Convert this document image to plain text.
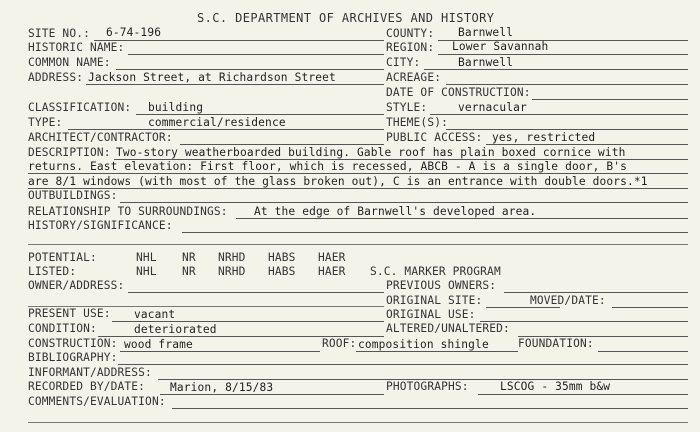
S.C. DEPARTMENT OF ARCHIVES AND HISTORY
SITE NO.: 6-74-196	COUNTY: Barnwell
HISTORIC NAME:	REGION: Lower Savannah
COMMON NAME:	CITY:	Barnwell
ADDRESS: Jackson Street, at Richardson Street	ACREAGE:
DATE OF CONSTRUCTION:
CLASSIFICATION: building	STYLE:	vernacular
TYPE:	commercial/residence	THEME(S):
ARCHITECT/CONTRACTOR:	PUBLIC ACCESS: yes, restricted
DESCRIPTION: Two-story weatherboarded building. Gable roof has plain boxed cornice with
returns. East elevation: First floor, which is recessed, ABCB - A is a single door, B's
are 8/1 windows (with most of the glass broken out), C is an entrance with double doors.*1
OUTBUILDINGS:
RELATIONSHIP TO SURROUNDINGS: At the edge of Barnwell's developed area.
HISTORY/SIGNIFICANCE:
POTENTIAL:	NHL NR NRHD HABS HAER
LISTED:	NHL NR NRHD HABS HAER S.C. MARKER PROGRAM
OWNER/ADDRESS:	PREVIOUS OWNERS:
ORIGINAL SITE:	MOVED/DATE:
PRESENT USE: vacant	ORIGINAL USE:
CONDITION:	deteriorated	ALTERED/UNALTERED:
CONSTRUCTION: wood frame	ROOF: composition shingle	FOUNDATION:
BIBLIOGRAPHY:
INFORMANT/ADDRESS:
RECORDED BY/DATE: Marion, 8/15/83	PHOTOGRAPHS:	LSCOG - 35mm b&w
COMMENTS/EVALUATION:
